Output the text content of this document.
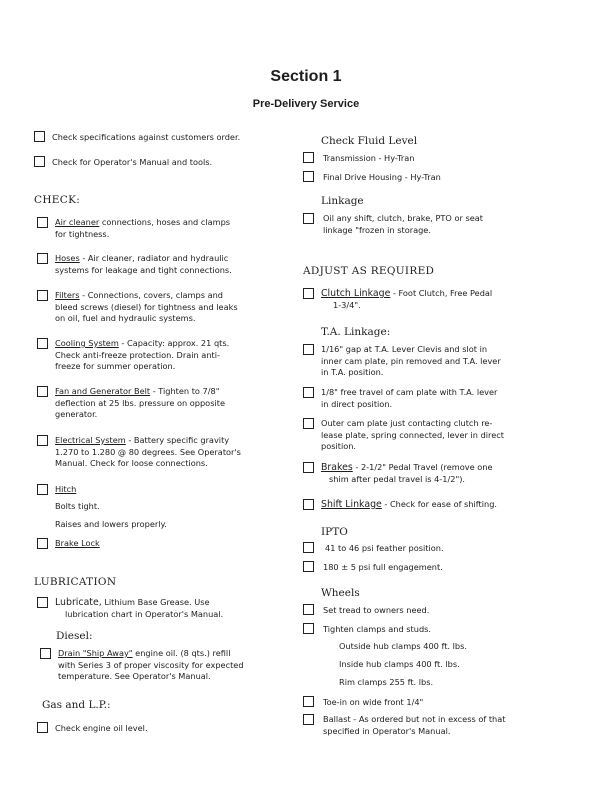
Section 1
Pre-Delivery Service
Check specifications against customers order.
Check for Operator's Manual and tools.
CHECK:
Air cleaner connections, hoses and clamps
for tightness.
Hoses - Air cleaner, radiator and hydraulic
systems for leakage and tight connections.
Filters - Connections, covers, clamps and
bleed screws (diesel) for tightness and leaks
on oil, fuel and hydraulic systems.
Cooling System - Capacity: approx. 21 qts.
Check anti-freeze protection. Drain anti-
freeze for summer operation.
Fan and Generator Belt - Tighten to 7/8"
deflection at 25 lbs. pressure on opposite
generator.
Electrical System - Battery specific gravity
1.270 to 1.280 @ 80 degrees. See Operator's
Manual. Check for loose connections.
Hitch
Bolts tight.
Raises and lowers properly.
Brake Lock
LUBRICATION
Lubricate, Lithium Base Grease. Use
lubrication chart in Operator's Manual.
Diesel:
Drain "Ship Away" engine oil. (8 qts.) refill
with Series 3 of proper viscosity for expected
temperature. See Operator's Manual.
Gas and L.P.:
Check engine oil level.
Check Fluid Level
Transmission - Hy-Tran
Final Drive Housing - Hy-Tran
Linkage
Oil any shift, clutch, brake, PTO or seat
linkage "frozen in storage.
ADJUST AS REQUIRED
Clutch Linkage - Foot Clutch, Free Pedal
1-3/4".
T.A. Linkage:
1/16" gap at T.A. Lever Clevis and slot in
inner cam plate, pin removed and T.A. lever
in T.A. position.
1/8" free travel of cam plate with T.A. lever
in direct position.
Outer cam plate just contacting clutch re-
lease plate, spring connected, lever in direct
position.
Brakes - 2-1/2" Pedal Travel (remove one
shim after pedal travel is 4-1/2").
Shift Linkage - Check for ease of shifting.
IPTO
41 to 46 psi feather position.
180 ± 5 psi full engagement.
Wheels
Set tread to owners need.
Tighten clamps and studs.
Outside hub clamps 400 ft. lbs.
Inside hub clamps 400 ft. lbs.
Rim clamps 255 ft. lbs.
Toe-in on wide front 1/4"
Ballast - As ordered but not in excess of that
specified in Operator's Manual.
